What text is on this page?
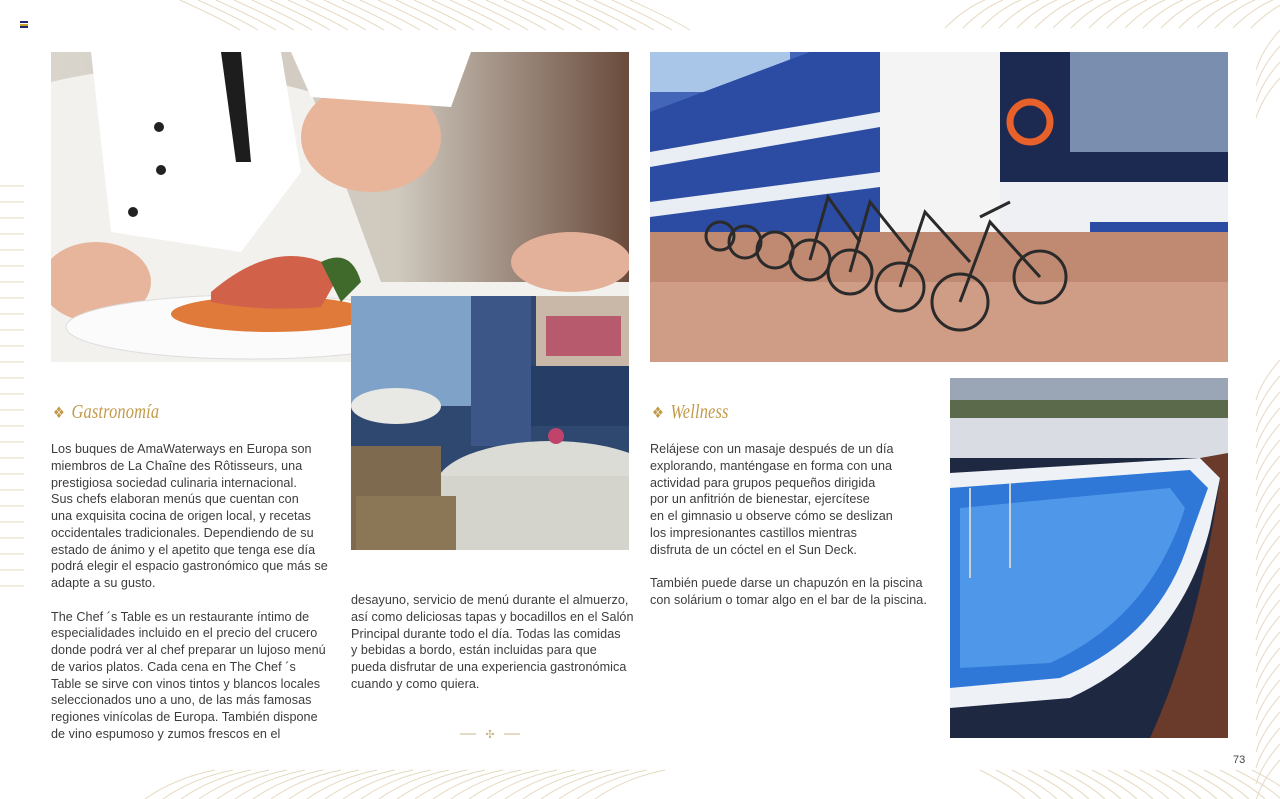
❖ Gastronomía
Los buques de AmaWaterways en Europa son
miembros de La Chaîne des Rôtisseurs, una
prestigiosa sociedad culinaria internacional.
Sus chefs elaboran menús que cuentan con
una exquisita cocina de origen local, y recetas
occidentales tradicionales. Dependiendo de su
estado de ánimo y el apetito que tenga ese día
podrá elegir el espacio gastronómico que más se
adapte a su gusto.

The Chef ´s Table es un restaurante íntimo de
especialidades incluido en el precio del crucero
donde podrá ver al chef preparar un lujoso menú
de varios platos. Cada cena en The Chef ´s
Table se sirve con vinos tintos y blancos locales
seleccionados uno a uno, de las más famosas
regiones vinícolas de Europa. También dispone
de vino espumoso y zumos frescos en el
desayuno, servicio de menú durante el almuerzo,
así como deliciosas tapas y bocadillos en el Salón
Principal durante todo el día. Todas las comidas
y bebidas a bordo, están incluidas para que
pueda disfrutar de una experiencia gastronómica
cuando y como quiera.
❖ Wellness
Relájese con un masaje después de un día
explorando, manténgase en forma con una
actividad para grupos pequeños dirigida
por un anfitrión de bienestar, ejercítese
en el gimnasio u observe cómo se deslizan
los impresionantes castillos mientras
disfruta de un cóctel en el Sun Deck.

También puede darse un chapuzón en la piscina
con solárium o tomar algo en el bar de la piscina.
✣
73
